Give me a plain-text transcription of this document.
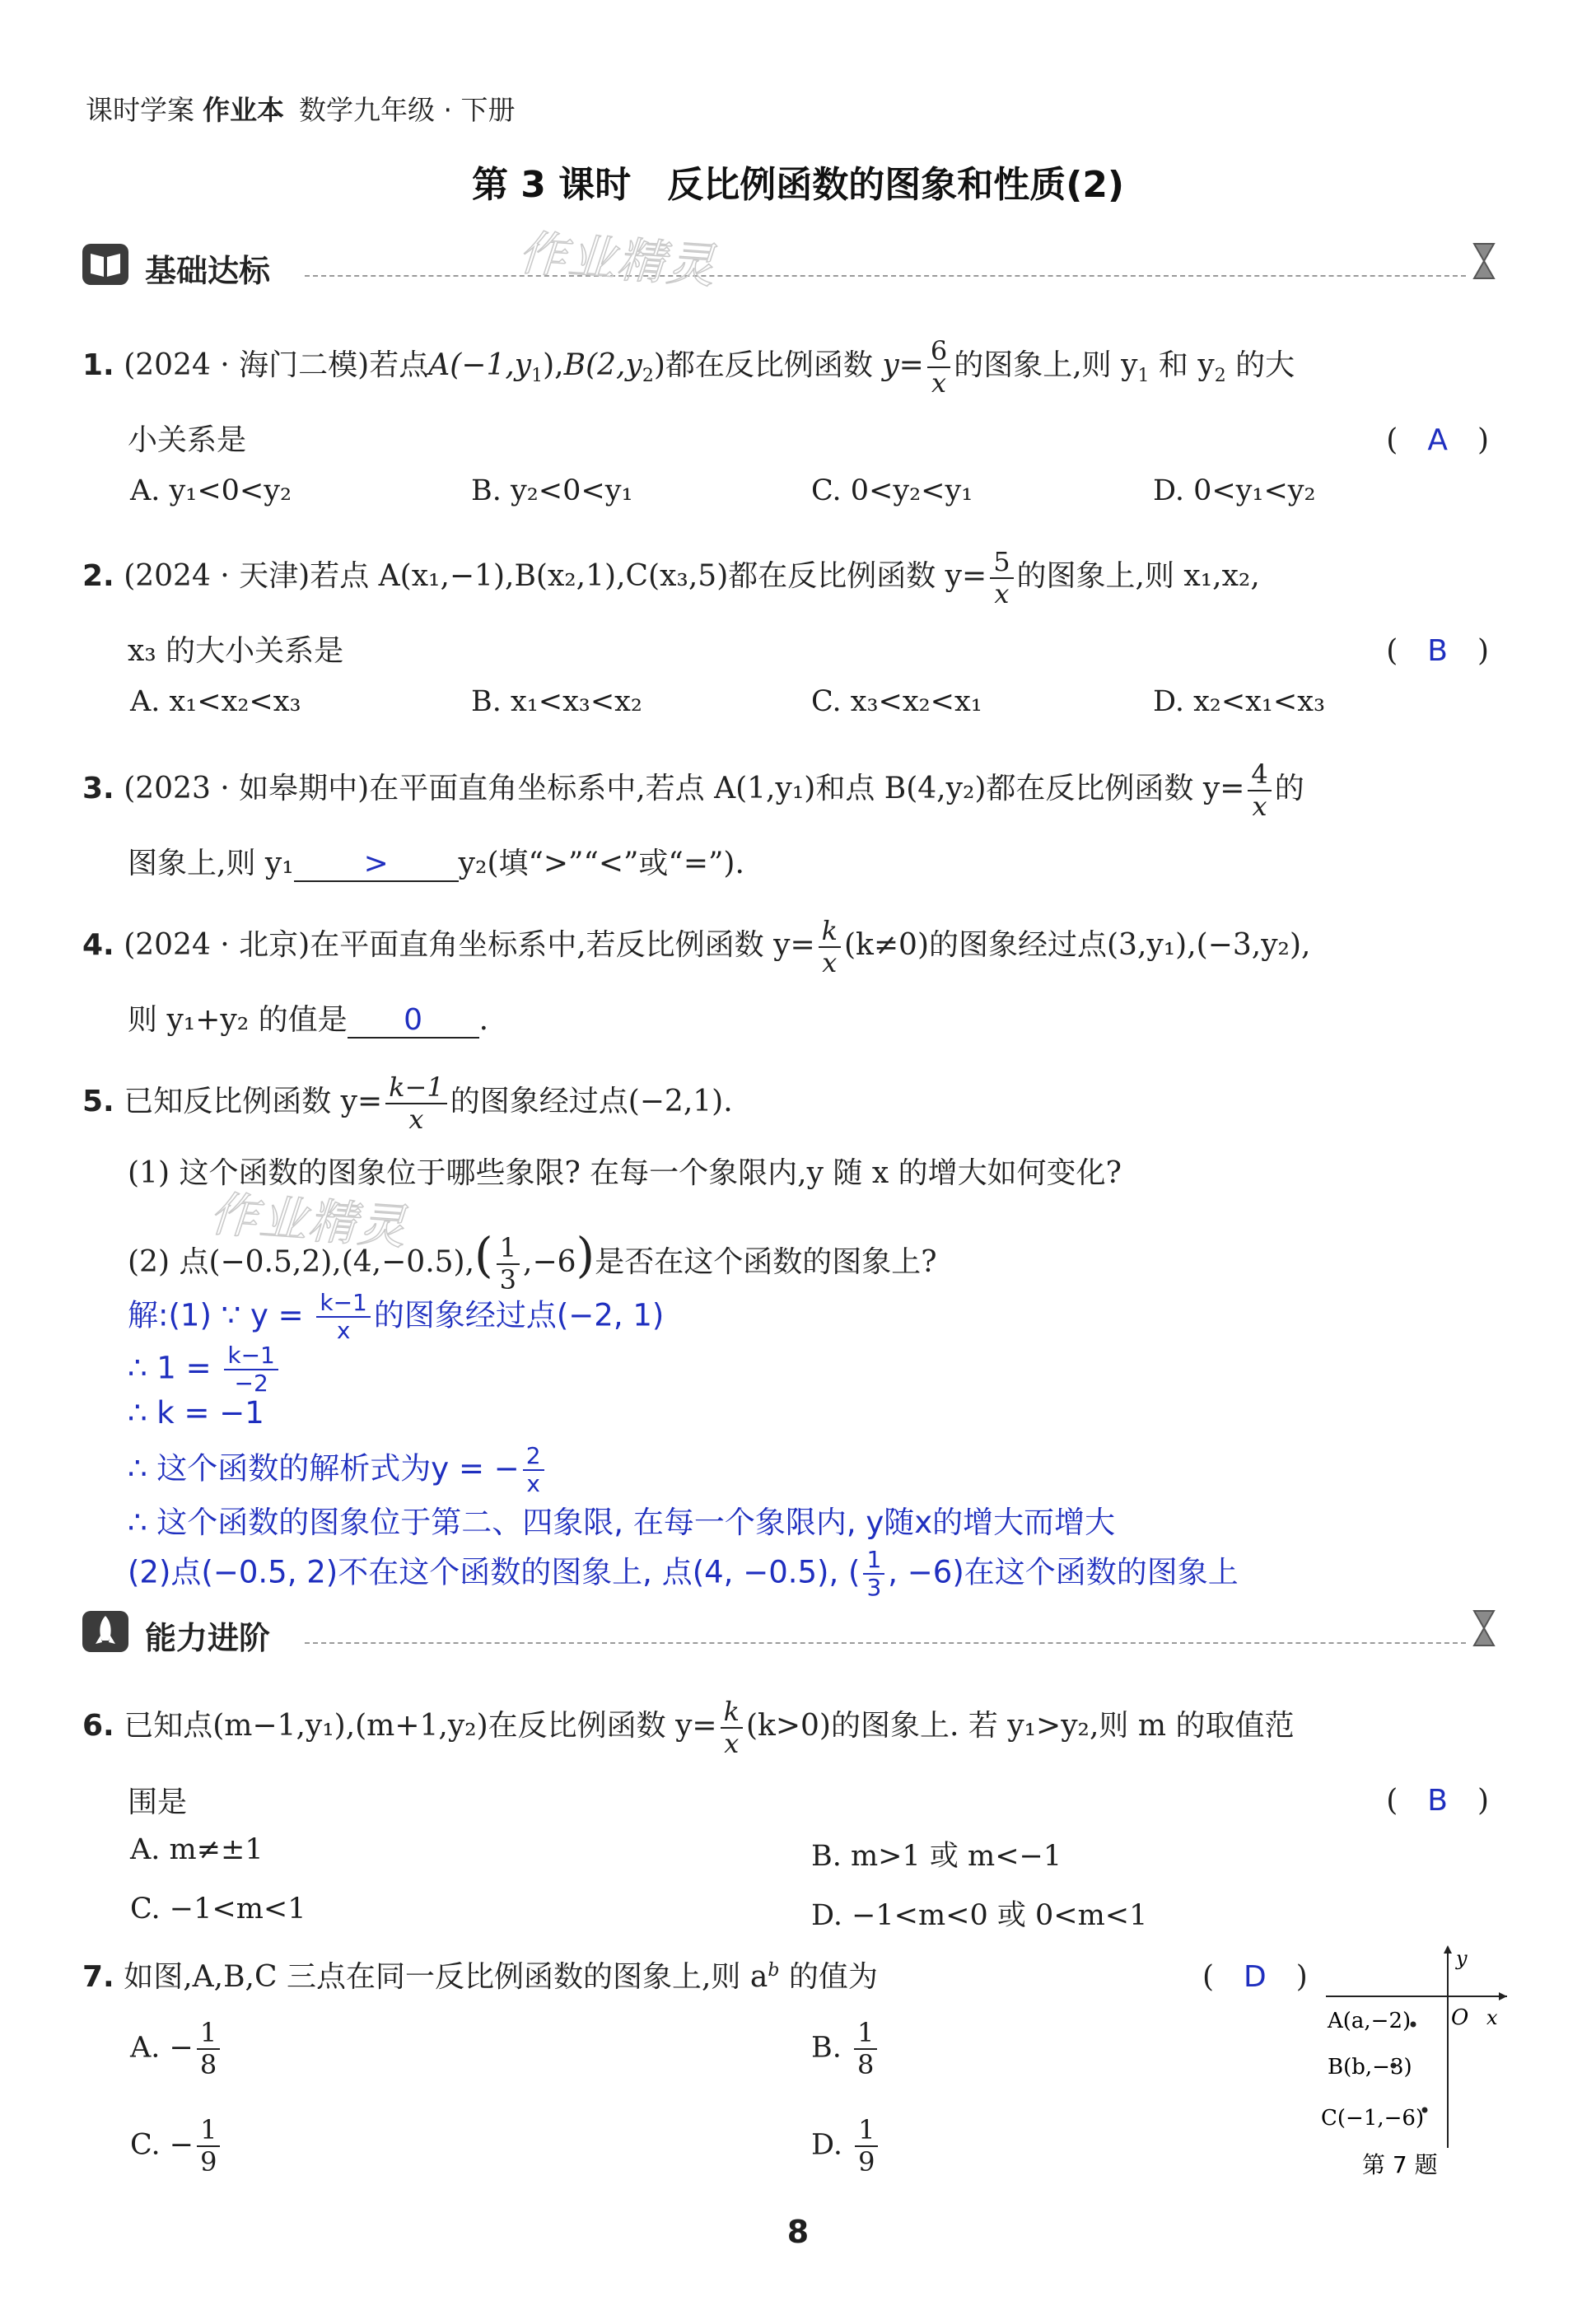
课时学案 作业本 数学九年级 · 下册
第 3 课时　反比例函数的图象和性质(2)
基础达标	作业精灵
1. (2024 · 海门二模)若点$A(-1,y_1),B(2,y_2)$都在反比例函数 $y= \frac{6}{x}$ 的图象上,则 $y_1$ 和 $y_2$ 的大
小关系是	(　A　)
A. y₁<0<y₂	B. y₂<0<y₁	C. 0<y₂<y₁	D. 0<y₁<y₂
2. (2024 · 天津)若点 A(x₁,−1),B(x₂,1),C(x₃,5)都在反比例函数 $y= \frac{5}{x}$ 的图象上,则 x₁,x₂,
x₃ 的大小关系是	(　B　)
A. x₁<x₂<x₃	B. x₁<x₃<x₂	C. x₃<x₂<x₁	D. x₂<x₁<x₃
3. (2023 · 如皋期中)在平面直角坐标系中,若点 A(1,y₁)和点 B(4,y₂)都在反比例函数 $y= \frac{4}{x}$ 的
图象上,则 y₁ > y₂(填“>”“<”或“=”).
4. (2024 · 北京)在平面直角坐标系中,若反比例函数 $y= \frac{k}{x} (k\ne 0)$的图象经过点(3,y₁),(−3,y₂),
则 y₁+y₂ 的值是 0 .
5. 已知反比例函数 $y= \frac{k-1}{x}$ 的图象经过点(−2,1).
(1) 这个函数的图象位于哪些象限? 在每一个象限内,y 随 x 的增大如何变化?
作业精灵
(2) 点$(-0.5,2),(4,-0.5),( \frac{1}{3} ,-6)$是否在这个函数的图象上?
解:(1) ∵ $y = \frac{k-1}{x}$ 的图象经过点(−2, 1)
∴ $1 = \frac{k-1}{-2}$
∴ k = −1
∴ 这个函数的解析式为y = − $\frac{2}{x}$
∴ 这个函数的图象位于第二、四象限, 在每一个象限内, y随x的增大而增大
(2)点(−0.5, 2)不在这个函数的图象上, 点(4, −0.5), ( $\frac{1}{3}$ , −6)在这个函数的图象上
能力进阶
6. 已知点(m−1,y₁),(m+1,y₂)在反比例函数 $y= \frac{k}{x} (k>0)$的图象上. 若 y₁>y₂,则 m 的取值范
围是	(　B　)
A. m≠±1	B. m>1 或 m<−1
C. −1<m<1	D. −1<m<0 或 0<m<1
7. 如图,A,B,C 三点在同一反比例函数的图象上,则 $a^b$ 的值为	(　D　)
A. − $\frac{1}{8}$	B. $\frac{1}{8}$
C. − $\frac{1}{9}$	D. $\frac{1}{9}$
y
O x
A(a,−2)
B(b,−3)
C(−1,−6)
第 7 题
8
